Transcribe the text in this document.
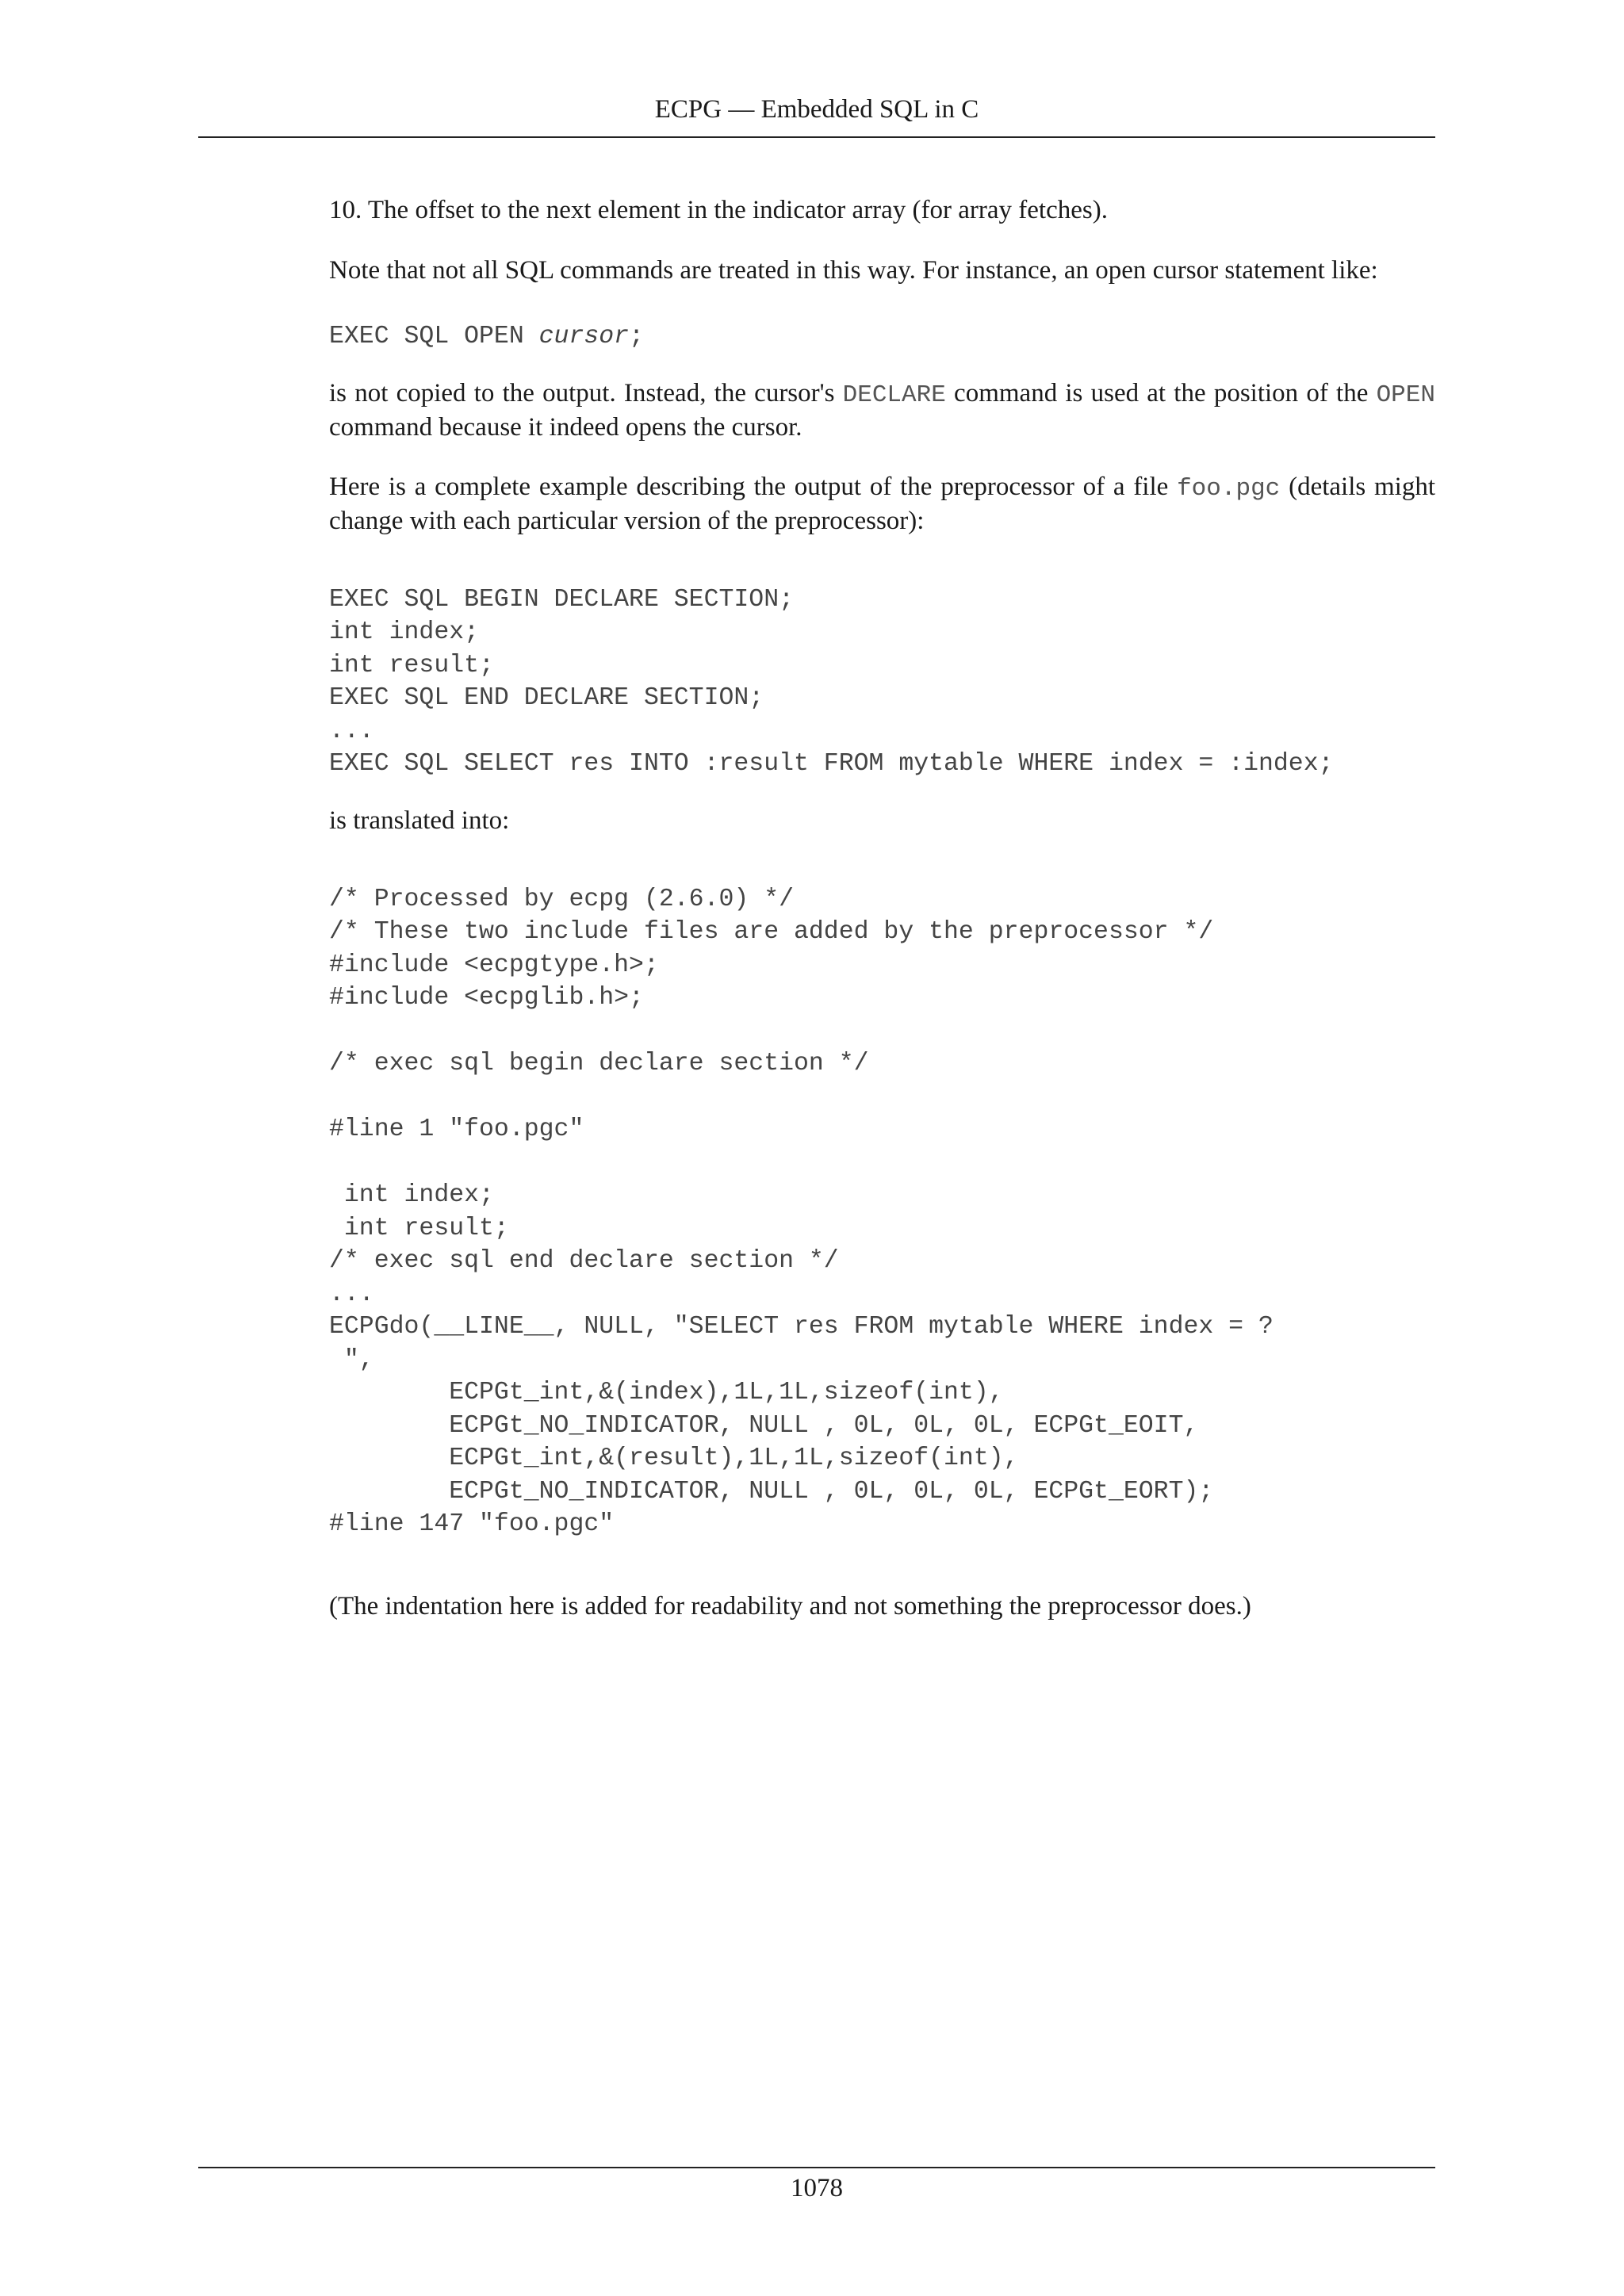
ECPG — Embedded SQL in C

10. The offset to the next element in the indicator array (for array fetches).

Note that not all SQL commands are treated in this way. For instance, an open cursor statement like:

EXEC SQL OPEN cursor;

is not copied to the output. Instead, the cursor's DECLARE command is used at the position of the OPEN command because it indeed opens the cursor.

Here is a complete example describing the output of the preprocessor of a file foo.pgc (details might change with each particular version of the preprocessor):

EXEC SQL BEGIN DECLARE SECTION;
int index;
int result;
EXEC SQL END DECLARE SECTION;
...
EXEC SQL SELECT res INTO :result FROM mytable WHERE index = :index;

is translated into:

/* Processed by ecpg (2.6.0) */
/* These two include files are added by the preprocessor */
#include <ecpgtype.h>;
#include <ecpglib.h>;

/* exec sql begin declare section */

#line 1 "foo.pgc"

int index;
int result;
/* exec sql end declare section */
...
ECPGdo(__LINE__, NULL, "SELECT res FROM mytable WHERE index = ?
",
ECPGt_int,&(index),1L,1L,sizeof(int),
ECPGt_NO_INDICATOR, NULL , 0L, 0L, 0L, ECPGt_EOIT,
ECPGt_int,&(result),1L,1L,sizeof(int),
ECPGt_NO_INDICATOR, NULL , 0L, 0L, 0L, ECPGt_EORT);
#line 147 "foo.pgc"

(The indentation here is added for readability and not something the preprocessor does.)

1078
